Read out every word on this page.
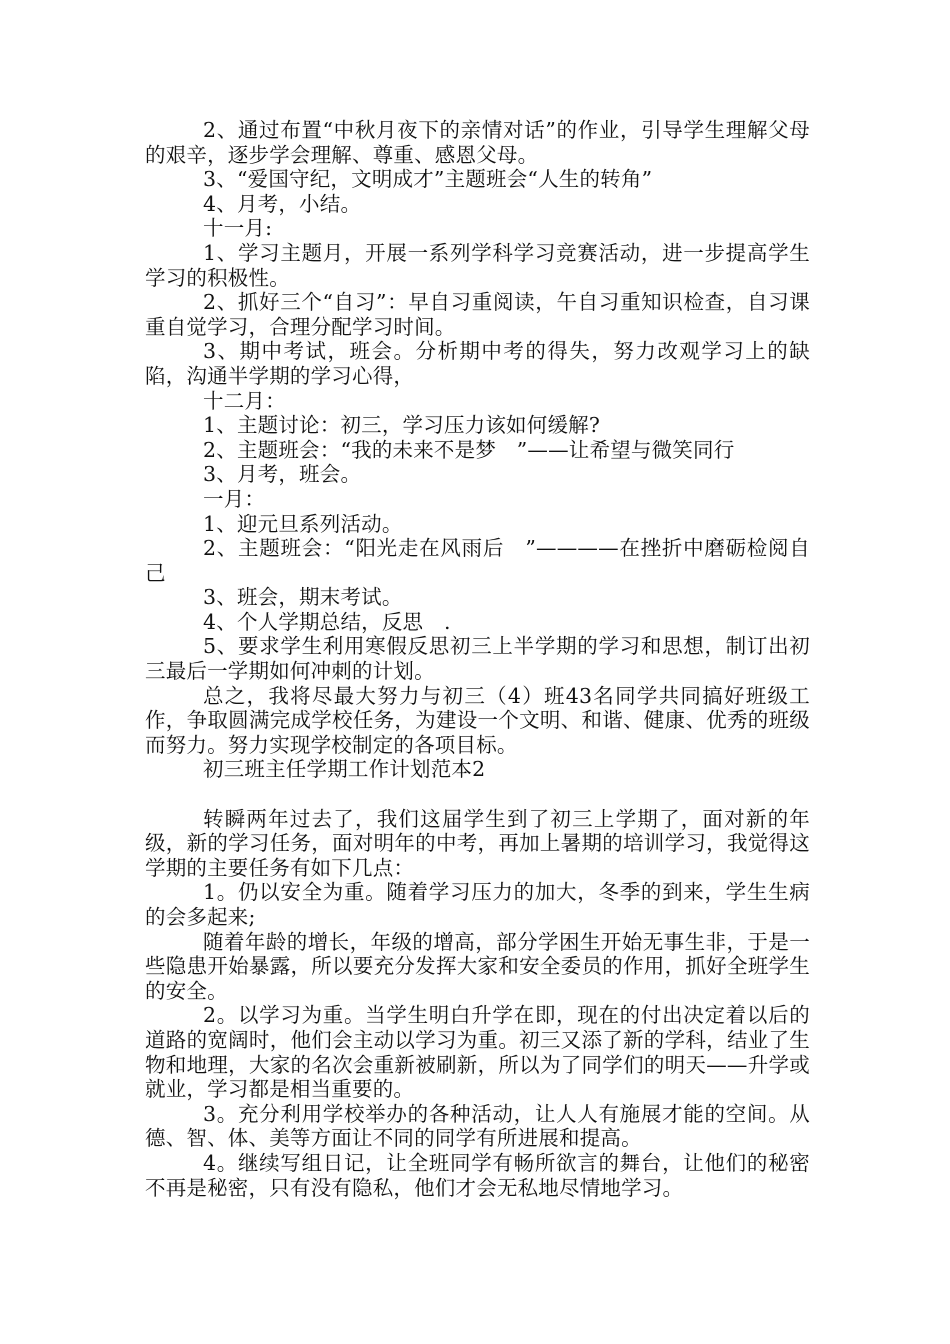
2、通过布置“中秋月夜下的亲情对话”的作业，引导学生理解父母的艰辛，逐步学会理解、尊重、感恩父母。

3、“爱国守纪，文明成才”主题班会“人生的转角”

4、月考，小结。

十一月:

1、学习主题月，开展一系列学科学习竞赛活动，进一步提高学生学习的积极性。

2、抓好三个“自习”：早自习重阅读，午自习重知识检查，自习课重自觉学习，合理分配学习时间。

3、期中考试，班会。分析期中考的得失，努力改观学习上的缺陷，沟通半学期的学习心得，

十二月：

1、主题讨论：初三，学习压力该如何缓解?

2、主题班会：“我的未来不是梦　”——让希望与微笑同行

3、月考，班会。

一月：

1、迎元旦系列活动。

2、主题班会：“阳光走在风雨后　”————在挫折中磨砺检阅自己

3、班会，期末考试。

4、个人学期总结，反思　.

5、要求学生利用寒假反思初三上半学期的学习和思想，制订出初三最后一学期如何冲刺的计划。

总之，我将尽最大努力与初三（4）班43名同学共同搞好班级工作，争取圆满完成学校任务，为建设一个文明、和谐、健康、优秀的班级而努力。努力实现学校制定的各项目标。

初三班主任学期工作计划范本2

转瞬两年过去了，我们这届学生到了初三上学期了，面对新的年级，新的学习任务，面对明年的中考，再加上暑期的培训学习，我觉得这学期的主要任务有如下几点：

1。仍以安全为重。随着学习压力的加大，冬季的到来，学生生病的会多起来;

随着年龄的增长，年级的增高，部分学困生开始无事生非，于是一些隐患开始暴露，所以要充分发挥大家和安全委员的作用，抓好全班学生的安全。

2。以学习为重。当学生明白升学在即，现在的付出决定着以后的道路的宽阔时，他们会主动以学习为重。初三又添了新的学科，结业了生物和地理，大家的名次会重新被刷新，所以为了同学们的明天——升学或就业，学习都是相当重要的。

3。充分利用学校举办的各种活动，让人人有施展才能的空间。从德、智、体、美等方面让不同的同学有所进展和提高。

4。继续写组日记，让全班同学有畅所欲言的舞台，让他们的秘密不再是秘密，只有没有隐私，他们才会无私地尽情地学习。
